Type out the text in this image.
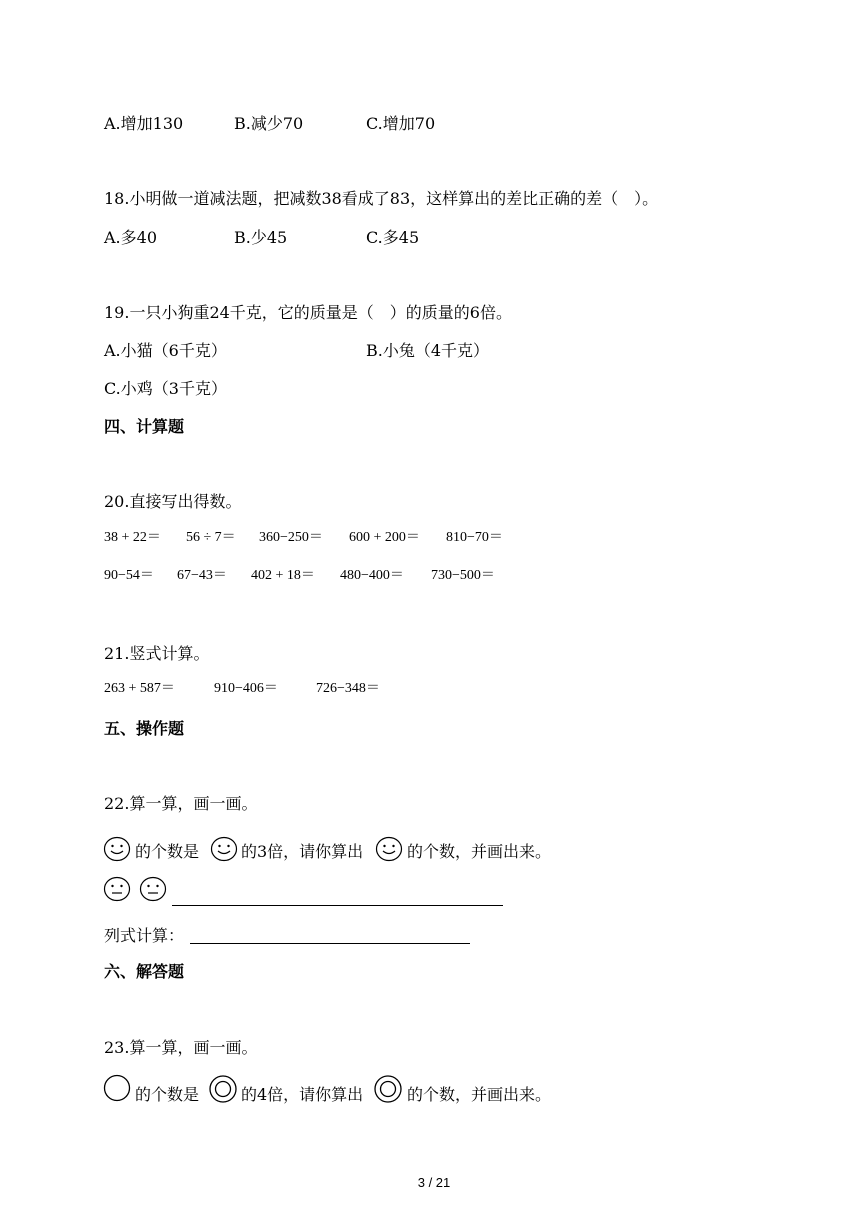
A.增加130	B.减少70	C.增加70
18.小明做一道减法题，把减数38看成了83，这样算出的差比正确的差（　）。
A.多40	B.少45	C.多45
19.一只小狗重24千克，它的质量是（　）的质量的6倍。
A.小猫（6千克）	B.小兔（4千克）
C.小鸡（3千克）
四、计算题
20.直接写出得数。
38 + 22＝ 56 ÷ 7＝ 360−250＝ 600 + 200＝ 810−70＝
90−54＝ 67−43＝ 402 + 18＝ 480−400＝ 730−500＝
21.竖式计算。
263 + 587＝	910−406＝	726−348＝
五、操作题
22.算一算，画一画。
的个数是	的3倍，请你算出	的个数，并画出来。
列式计算：
六、解答题
23.算一算，画一画。
的个数是	的4倍，请你算出	的个数，并画出来。
3 / 21
